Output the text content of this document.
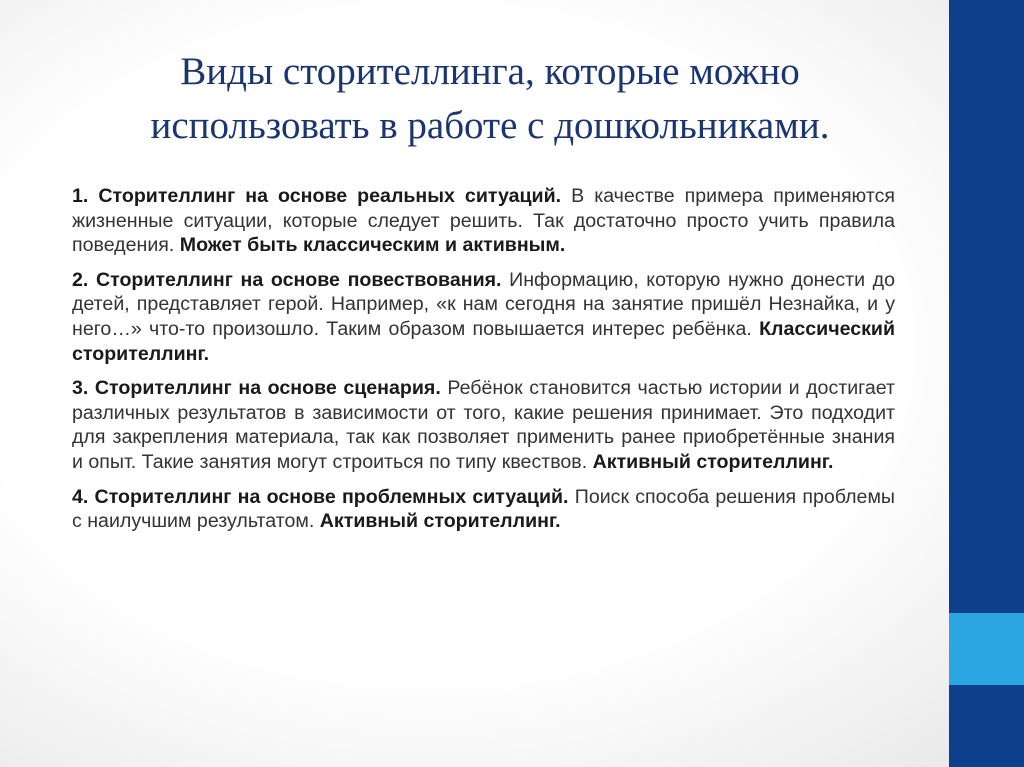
Виды сторителлинга, которые можно
использовать в работе с дошкольниками.

1. Сторителлинг на основе реальных ситуаций. В качестве примера применяются жизненные ситуации, которые следует решить. Так достаточно просто учить правила поведения. Может быть классическим и активным.

2. Сторителлинг на основе повествования. Информацию, которую нужно донести до детей, представляет герой. Например, «к нам сегодня на занятие пришёл Незнайка, и у него…» что-то произошло. Таким образом повышается интерес ребёнка. Классический сторителлинг.

3. Сторителлинг на основе сценария. Ребёнок становится частью истории и достигает различных результатов в зависимости от того, какие решения принимает. Это подходит для закрепления материала, так как позволяет применить ранее приобретённые знания и опыт. Такие занятия могут строиться по типу квествов. Активный сторителлинг.

4. Сторителлинг на основе проблемных ситуаций. Поиск способа решения проблемы с наилучшим результатом. Активный сторителлинг.
